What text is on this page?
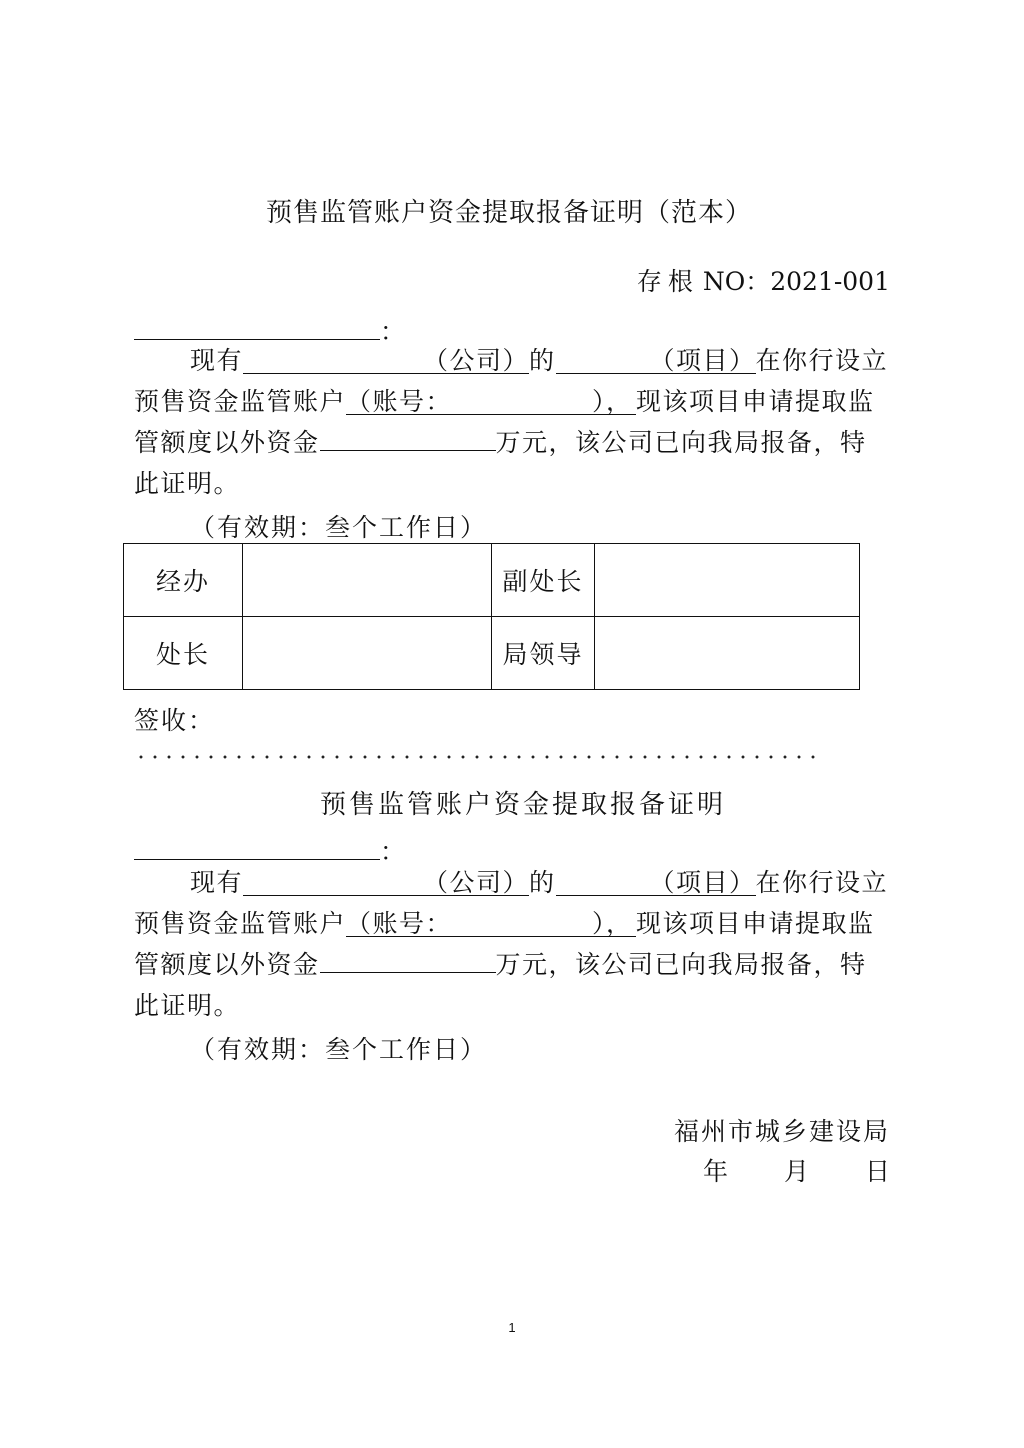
预售监管账户资金提取报备证明（范本）
存根 NO：2021-001
：
现有	（公司）的	（项目）在你行设立
预售资金监管账户（账号：	）， 现该项目申请提取监
管额度以外资金	万元，该公司已向我局报备，特
此证明。
（有效期：叁个工作日）
经办		副处长	
处长		局领导	
签收：
预售监管账户资金提取报备证明
：
现有	（公司）的	（项目）在你行设立
预售资金监管账户（账号：	）， 现该项目申请提取监
管额度以外资金	万元，该公司已向我局报备，特
此证明。
（有效期：叁个工作日）
福州市城乡建设局
年 月 日
1
